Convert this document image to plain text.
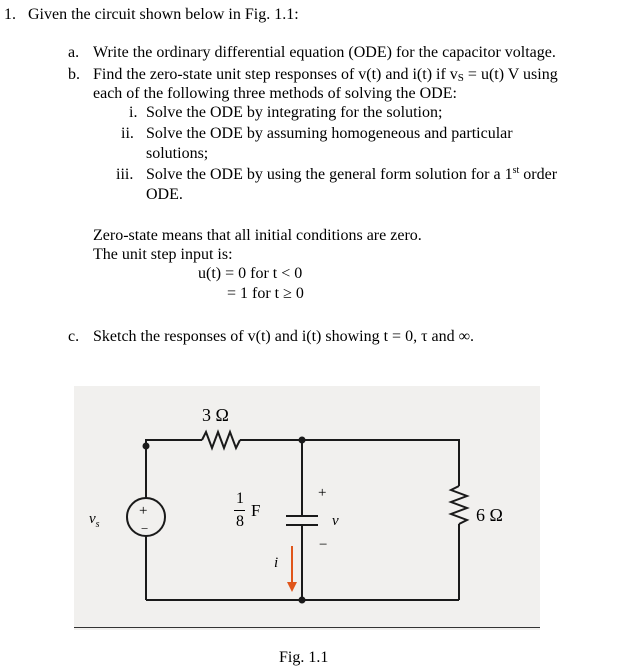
1. Given the circuit shown below in Fig. 1.1:
a. Write the ordinary differential equation (ODE) for the capacitor voltage.
b. Find the zero-state unit step responses of v(t) and i(t) if vS = u(t) V using
each of the following three methods of solving the ODE:
i. Solve the ODE by integrating for the solution;
ii. Solve the ODE by assuming homogeneous and particular
solutions;
iii. Solve the ODE by using the general form solution for a 1st order
ODE.
Zero-state means that all initial conditions are zero.
The unit step input is:
u(t) = 0 for t < 0
= 1 for t ≥ 0
c. Sketch the responses of v(t) and i(t) showing t = 0, τ and ∞.
3 Ω
6 Ω
$v_s$
+
−
1
8
F
+
−
v
i
Fig. 1.1
